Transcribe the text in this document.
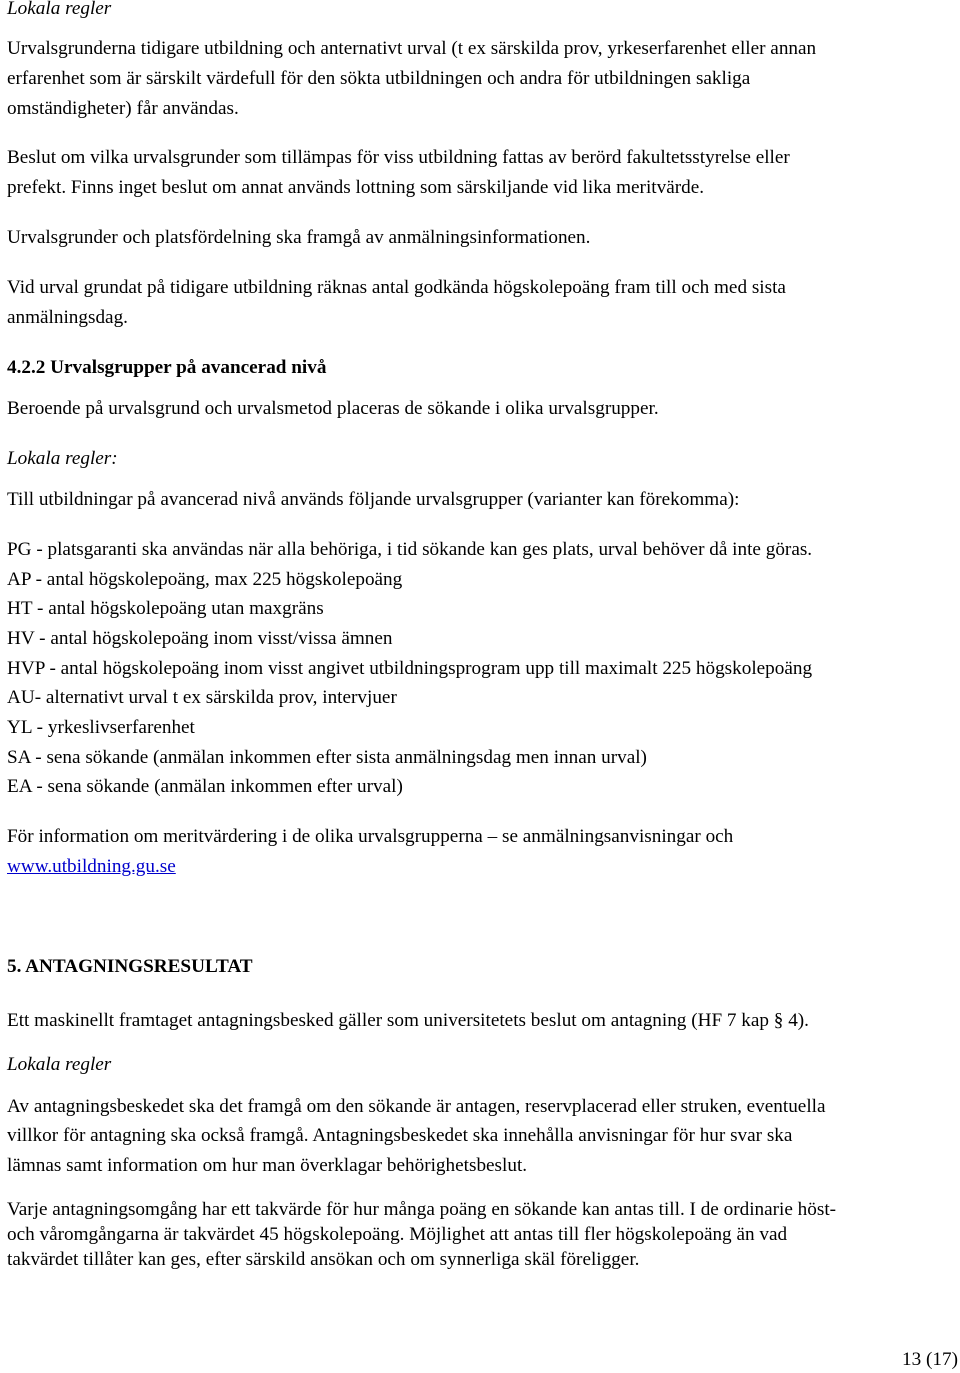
Lokala regler

Urvalsgrunderna tidigare utbildning och anternativt urval (t ex särskilda prov, yrkeserfarenhet eller annan

erfarenhet som är särskilt värdefull för den sökta utbildningen och andra för utbildningen sakliga

omständigheter) får användas.

Beslut om vilka urvalsgrunder som tillämpas för viss utbildning fattas av berörd fakultetsstyrelse eller

prefekt. Finns inget beslut om annat används lottning som särskiljande vid lika meritvärde.

Urvalsgrunder och platsfördelning ska framgå av anmälningsinformationen.

Vid urval grundat på tidigare utbildning räknas antal godkända högskolepoäng fram till och med sista

anmälningsdag.

4.2.2 Urvalsgrupper på avancerad nivå

Beroende på urvalsgrund och urvalsmetod placeras de sökande i olika urvalsgrupper.

Lokala regler:

Till utbildningar på avancerad nivå används följande urvalsgrupper (varianter kan förekomma):

PG - platsgaranti ska användas när alla behöriga, i tid sökande kan ges plats, urval behöver då inte göras.

AP - antal högskolepoäng, max 225 högskolepoäng

HT - antal högskolepoäng utan maxgräns

HV - antal högskolepoäng inom visst/vissa ämnen

HVP - antal högskolepoäng inom visst angivet utbildningsprogram upp till maximalt 225 högskolepoäng

AU- alternativt urval t ex särskilda prov, intervjuer

YL - yrkeslivserfarenhet

SA - sena sökande (anmälan inkommen efter sista anmälningsdag men innan urval)

EA - sena sökande (anmälan inkommen efter urval)

För information om meritvärdering i de olika urvalsgrupperna – se anmälningsanvisningar och

www.utbildning.gu.se

5. ANTAGNINGSRESULTAT

Ett maskinellt framtaget antagningsbesked gäller som universitetets beslut om antagning (HF 7 kap § 4).

Lokala regler

Av antagningsbeskedet ska det framgå om den sökande är antagen, reservplacerad eller struken, eventuella

villkor för antagning ska också framgå. Antagningsbeskedet ska innehålla anvisningar för hur svar ska

lämnas samt information om hur man överklagar behörighetsbeslut.

Varje antagningsomgång har ett takvärde för hur många poäng en sökande kan antas till. I de ordinarie höst-

och våromgångarna är takvärdet 45 högskolepoäng. Möjlighet att antas till fler högskolepoäng än vad

takvärdet tillåter kan ges, efter särskild ansökan och om synnerliga skäl föreligger.

13 (17)
